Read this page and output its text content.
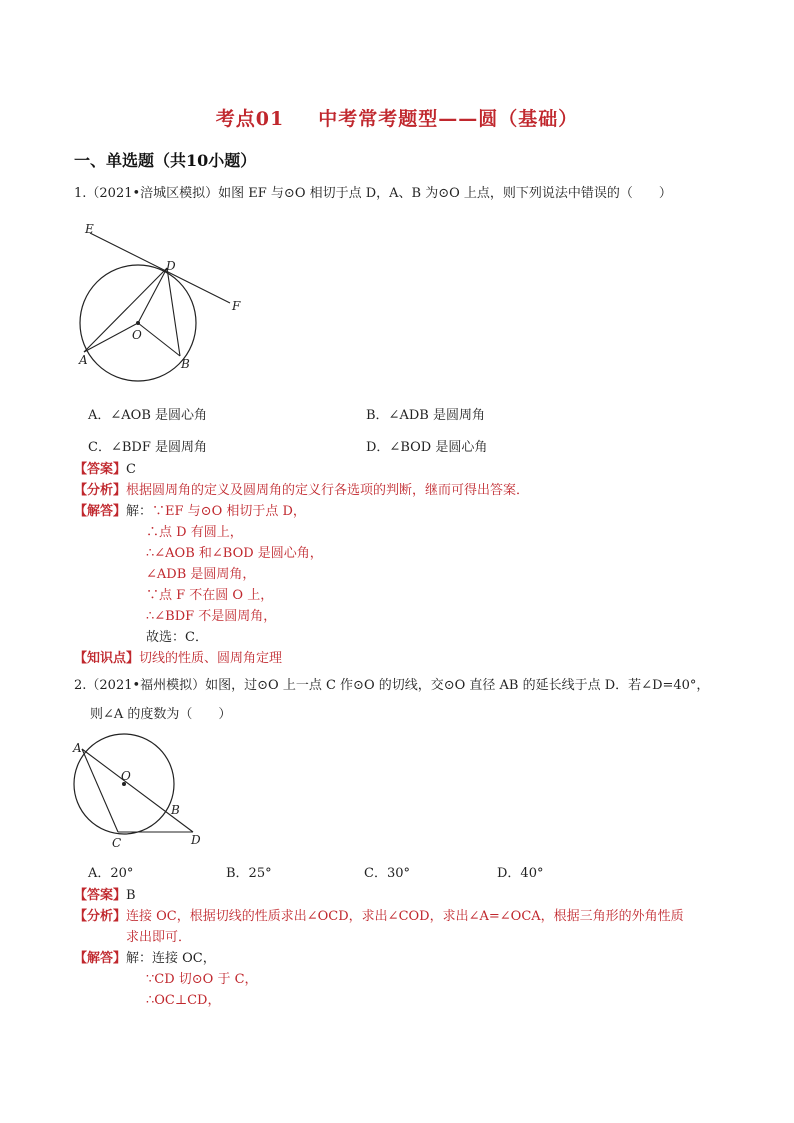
考点01 中考常考题型——圆（基础）
一、单选题（共10小题）
1.（2021•涪城区模拟）如图 EF 与⊙O 相切于点 D，A、B 为⊙O 上点，则下列说法中错误的（　　）
E
D
F
O
A	B
A．∠AOB 是圆心角	B．∠ADB 是圆周角
C．∠BDF 是圆周角	D．∠BOD 是圆心角
【答案】C
【分析】根据圆周角的定义及圆周角的定义行各选项的判断，继而可得出答案．
【解答】解：∵EF 与⊙O 相切于点 D，
∴点 D 有圆上，
∴∠AOB 和∠BOD 是圆心角，
∠ADB 是圆周角，
∵点 F 不在圆 O 上，
∴∠BDF 不是圆周角，
故选：C．
【知识点】切线的性质、圆周角定理
2.（2021•福州模拟）如图，过⊙O 上一点 C 作⊙O 的切线，交⊙O 直径 AB 的延长线于点 D．若∠D=40°，
则∠A 的度数为（　　）
A
O
B
C	D
A．20°	B．25°	C．30°	D．40°
【答案】B
【分析】连接 OC，根据切线的性质求出∠OCD，求出∠COD，求出∠A=∠OCA，根据三角形的外角性质
求出即可．
【解答】解：连接 OC，
∵CD 切⊙O 于 C，
∴OC⊥CD，
